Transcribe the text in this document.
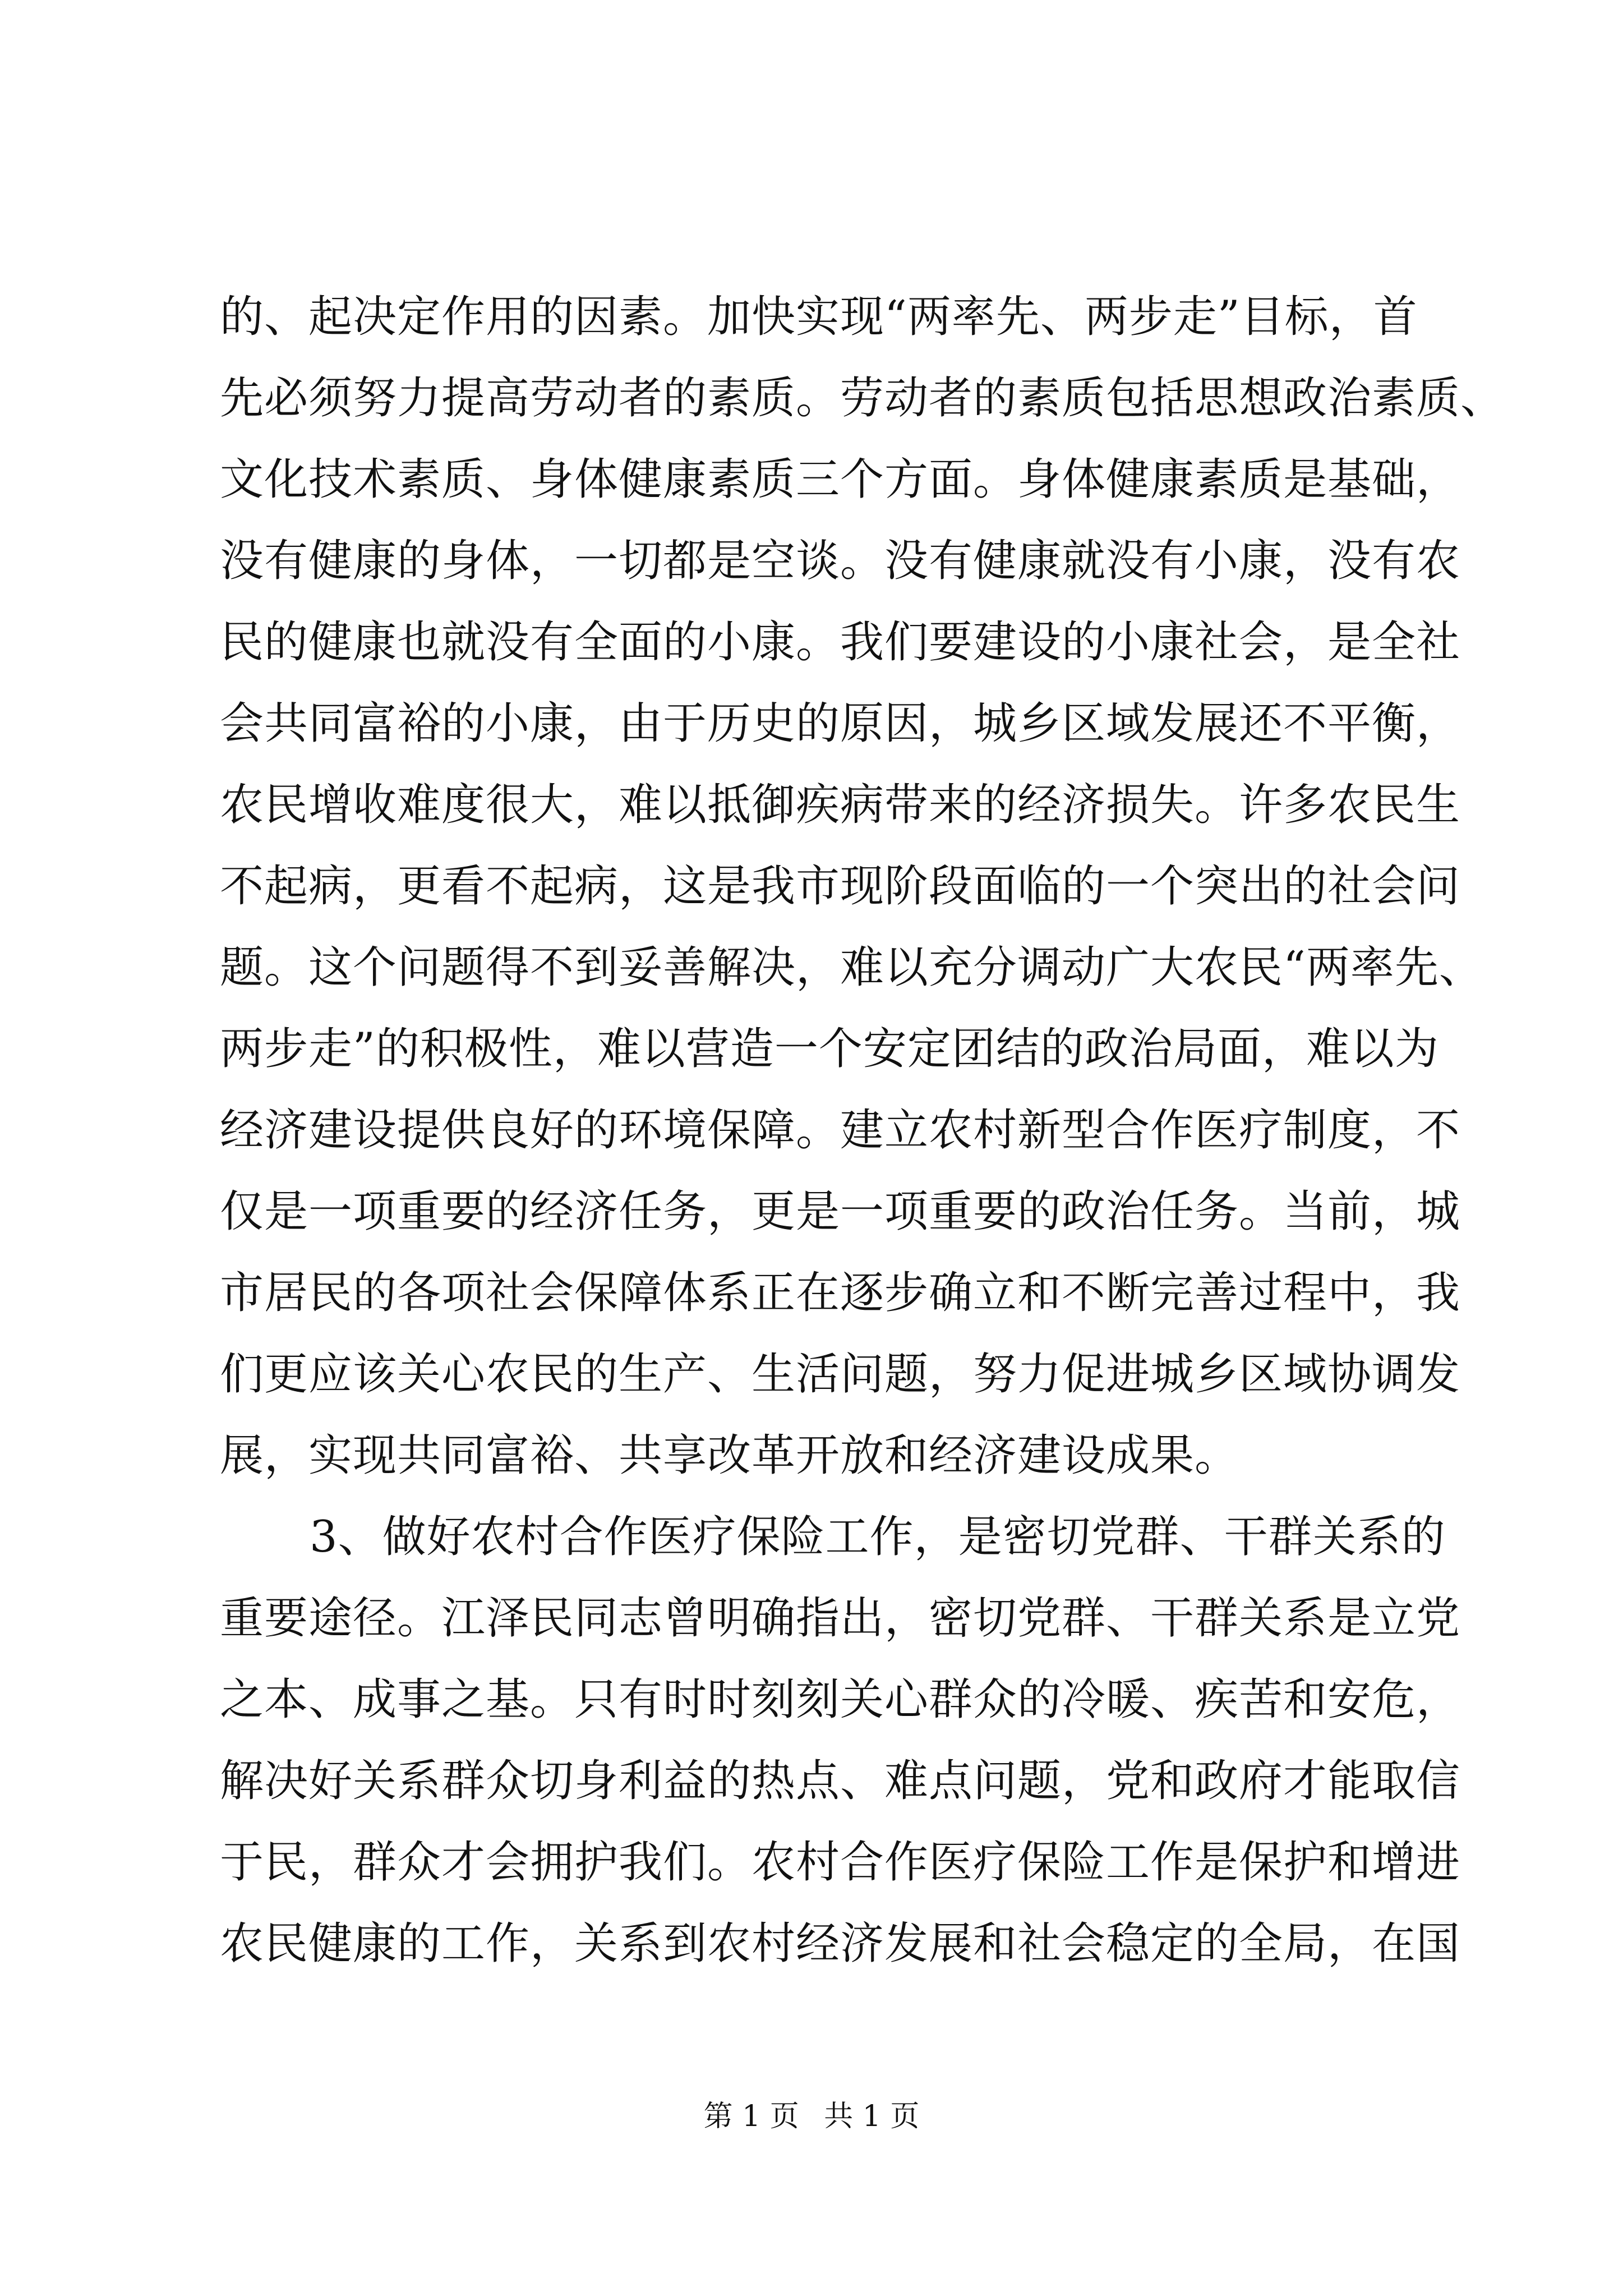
的、起决定作用的因素。加快实现“两率先、两步走”目标，首
先必须努力提高劳动者的素质。劳动者的素质包括思想政治素质、
文化技术素质、身体健康素质三个方面。身体健康素质是基础，
没有健康的身体，一切都是空谈。没有健康就没有小康，没有农
民的健康也就没有全面的小康。我们要建设的小康社会，是全社
会共同富裕的小康，由于历史的原因，城乡区域发展还不平衡，
农民增收难度很大，难以抵御疾病带来的经济损失。许多农民生
不起病，更看不起病，这是我市现阶段面临的一个突出的社会问
题。这个问题得不到妥善解决，难以充分调动广大农民“两率先、
两步走”的积极性，难以营造一个安定团结的政治局面，难以为
经济建设提供良好的环境保障。建立农村新型合作医疗制度，不
仅是一项重要的经济任务，更是一项重要的政治任务。当前，城
市居民的各项社会保障体系正在逐步确立和不断完善过程中，我
们更应该关心农民的生产、生活问题，努力促进城乡区域协调发
展，实现共同富裕、共享改革开放和经济建设成果。
3、做好农村合作医疗保险工作，是密切党群、干群关系的
重要途径。江泽民同志曾明确指出，密切党群、干群关系是立党
之本、成事之基。只有时时刻刻关心群众的冷暖、疾苦和安危，
解决好关系群众切身利益的热点、难点问题，党和政府才能取信
于民，群众才会拥护我们。农村合作医疗保险工作是保护和增进
农民健康的工作，关系到农村经济发展和社会稳定的全局，在国
第 1 页 共 1 页
